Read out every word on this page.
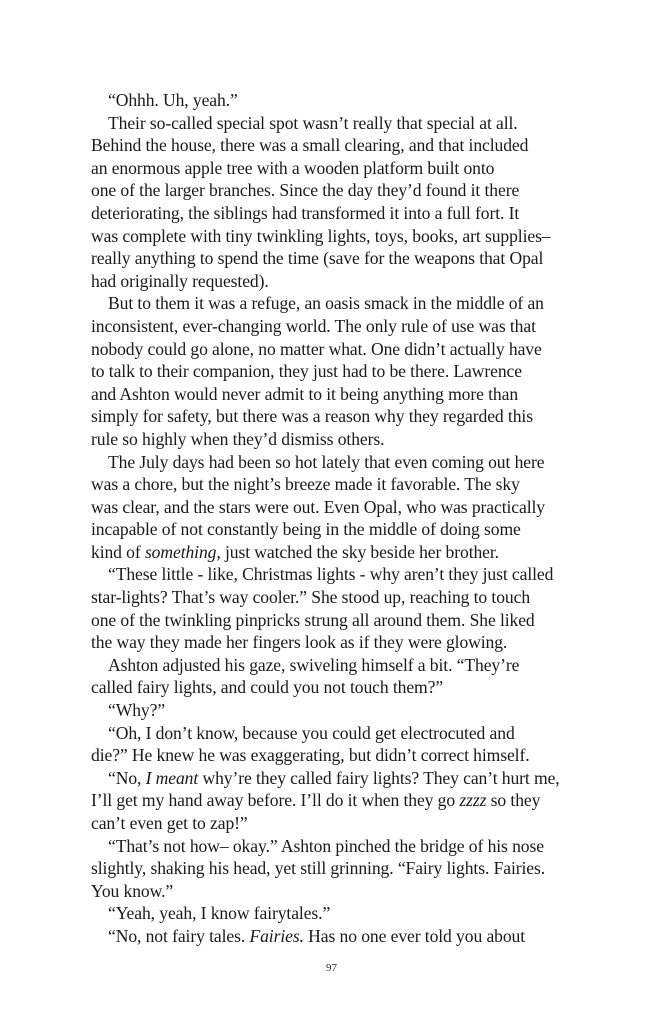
“Ohhh. Uh, yeah.”
Their so-called special spot wasn’t really that special at all.
Behind the house, there was a small clearing, and that included
an enormous apple tree with a wooden platform built onto
one of the larger branches. Since the day they’d found it there
deteriorating, the siblings had transformed it into a full fort. It
was complete with tiny twinkling lights, toys, books, art supplies–
really anything to spend the time (save for the weapons that Opal
had originally requested).
But to them it was a refuge, an oasis smack in the middle of an
inconsistent, ever-changing world. The only rule of use was that
nobody could go alone, no matter what. One didn’t actually have
to talk to their companion, they just had to be there. Lawrence
and Ashton would never admit to it being anything more than
simply for safety, but there was a reason why they regarded this
rule so highly when they’d dismiss others.
The July days had been so hot lately that even coming out here
was a chore, but the night’s breeze made it favorable. The sky
was clear, and the stars were out. Even Opal, who was practically
incapable of not constantly being in the middle of doing some
kind of something, just watched the sky beside her brother.
“These little - like, Christmas lights - why aren’t they just called
star-lights? That’s way cooler.” She stood up, reaching to touch
one of the twinkling pinpricks strung all around them. She liked
the way they made her fingers look as if they were glowing.
Ashton adjusted his gaze, swiveling himself a bit. “They’re
called fairy lights, and could you not touch them?”
“Why?”
“Oh, I don’t know, because you could get electrocuted and
die?” He knew he was exaggerating, but didn’t correct himself.
“No, I meant why’re they called fairy lights? They can’t hurt me,
I’ll get my hand away before. I’ll do it when they go zzzz so they
can’t even get to zap!”
“That’s not how– okay.” Ashton pinched the bridge of his nose
slightly, shaking his head, yet still grinning. “Fairy lights. Fairies.
You know.”
“Yeah, yeah, I know fairytales.”
“No, not fairy tales. Fairies. Has no one ever told you about
97
